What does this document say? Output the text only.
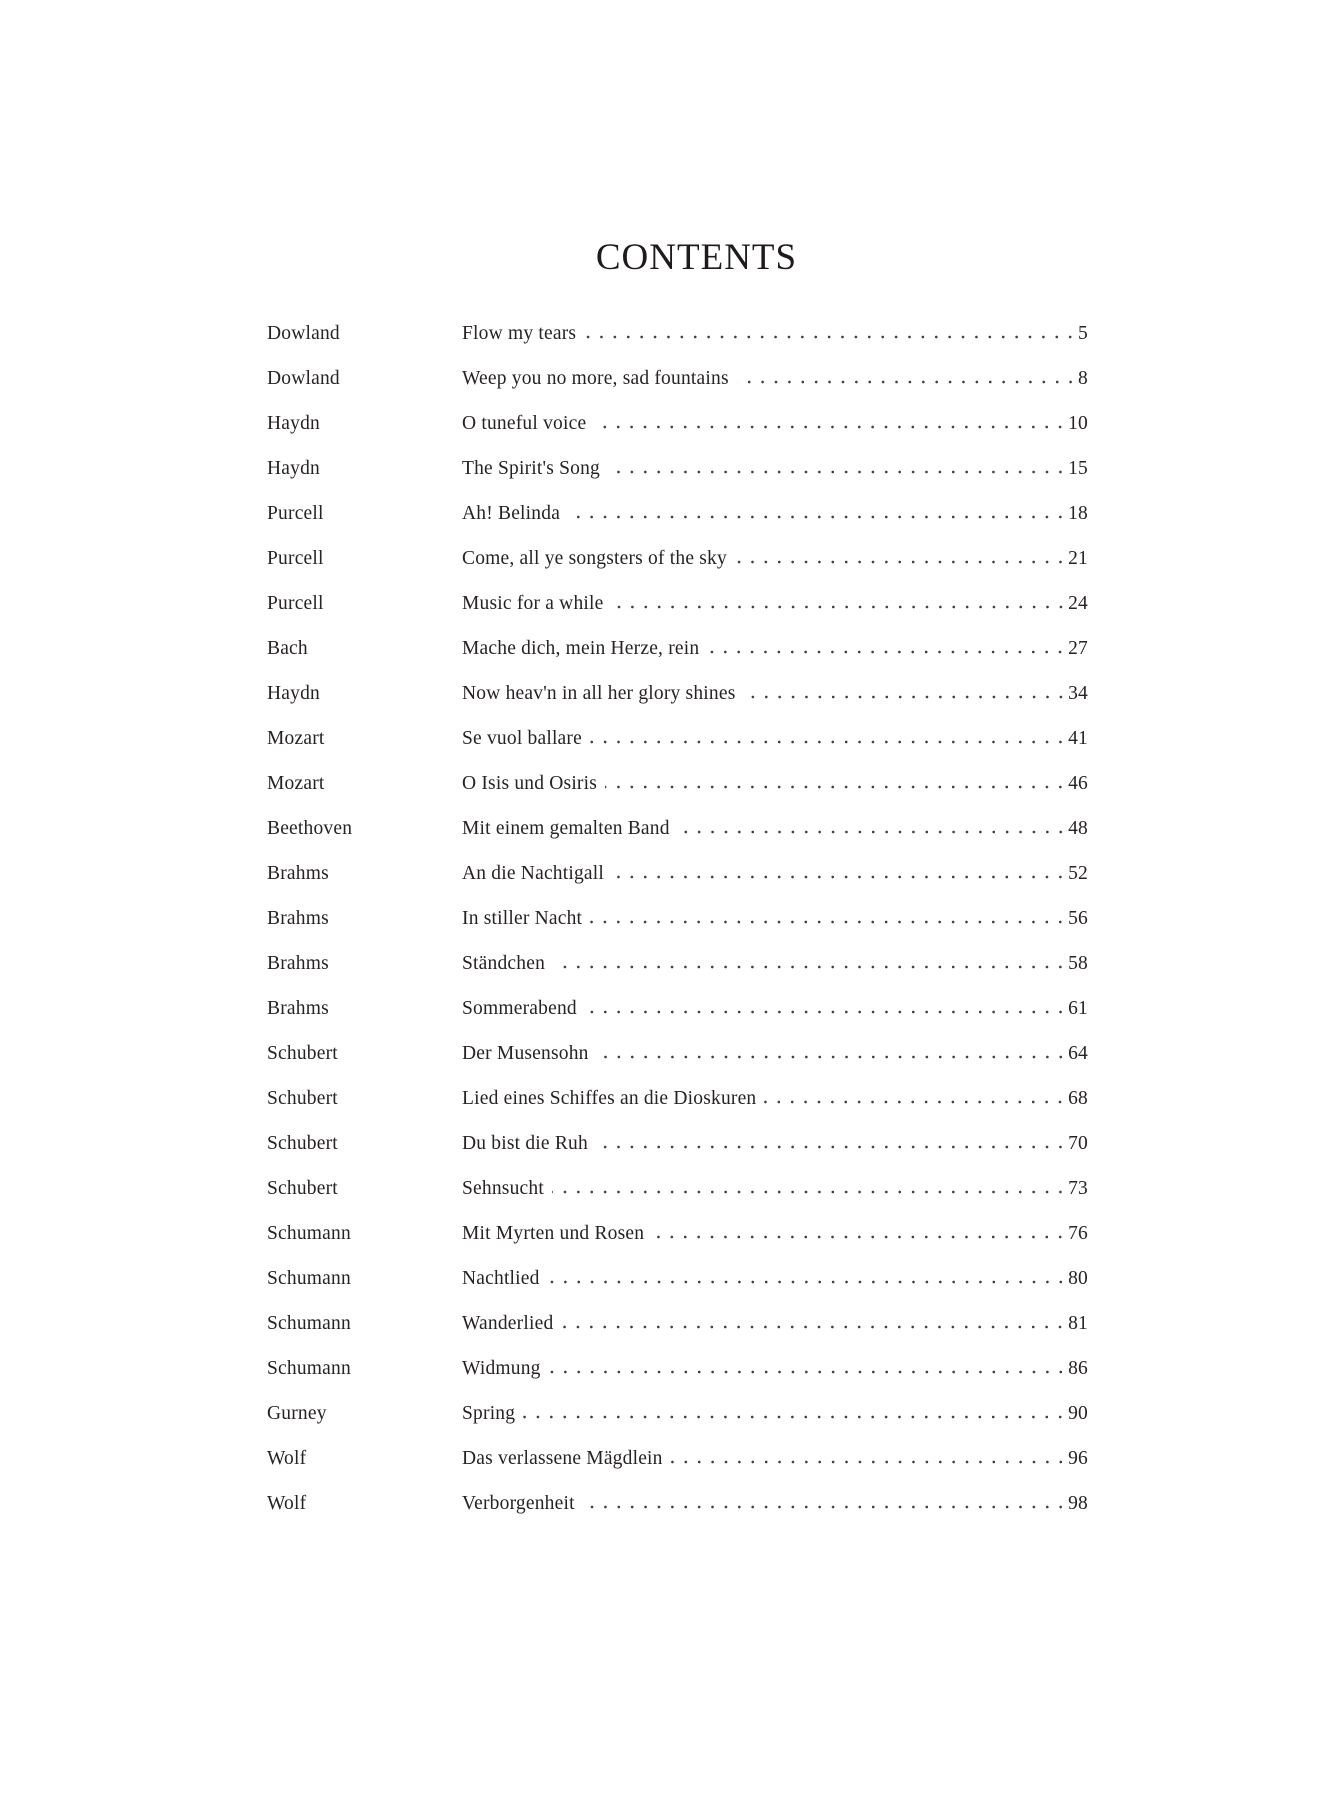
CONTENTS
Dowland	Flow my tears	5
Dowland	Weep you no more, sad fountains	8
Haydn	O tuneful voice	10
Haydn	The Spirit's Song	15
Purcell	Ah! Belinda	18
Purcell	Come, all ye songsters of the sky	21
Purcell	Music for a while	24
Bach	Mache dich, mein Herze, rein	27
Haydn	Now heav'n in all her glory shines	34
Mozart	Se vuol ballare	41
Mozart	O Isis und Osiris	46
Beethoven	Mit einem gemalten Band	48
Brahms	An die Nachtigall	52
Brahms	In stiller Nacht	56
Brahms	Ständchen	58
Brahms	Sommerabend	61
Schubert	Der Musensohn	64
Schubert	Lied eines Schiffes an die Dioskuren	68
Schubert	Du bist die Ruh	70
Schubert	Sehnsucht	73
Schumann	Mit Myrten und Rosen	76
Schumann	Nachtlied	80
Schumann	Wanderlied	81
Schumann	Widmung	86
Gurney	Spring	90
Wolf	Das verlassene Mägdlein	96
Wolf	Verborgenheit	98
